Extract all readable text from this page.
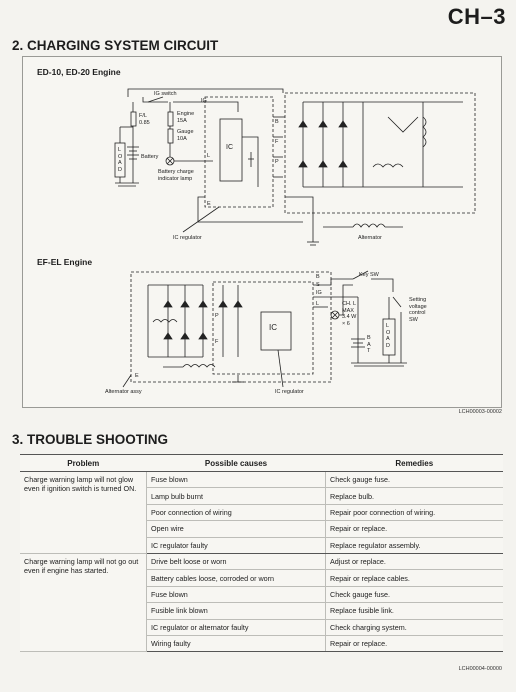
CH–3
2. CHARGING SYSTEM CIRCUIT
ED-10, ED-20 Engine
EF-EL Engine
IG switch
F/L
0.85
Engine
15A
Gauge
10A
L
O
A
D
Battery
Battery charge
indicator lamp
IC
IC regulator	Alternator
B
IG
F
P
L
E
Key SW
Setting
voltage
control
SW
CH. L
MAX
3.4 W
× 6
B
A
T
L
O
A
D
IC
Alternator assy	IC regulator
B
IG
L
P
F
E
S
LCH00003-00002
3. TROUBLE SHOOTING
Problem	Possible causes	Remedies
Charge warning lamp will not glow even if ignition switch is turned ON.	Fuse blown	Check gauge fuse.
	Lamp bulb burnt	Replace bulb.
	Poor connection of wiring	Repair poor connection of wiring.
	Open wire	Repair or replace.
	IC regulator faulty	Replace regulator assembly.
Charge warning lamp will not go out even if engine has started.	Drive belt loose or worn	Adjust or replace.
	Battery cables loose, corroded or worn	Repair or replace cables.
	Fuse blown	Check gauge fuse.
	Fusible link blown	Replace fusible link.
	IC regulator or alternator faulty	Check charging system.
	Wiring faulty	Repair or replace.
LCH00004-00000
